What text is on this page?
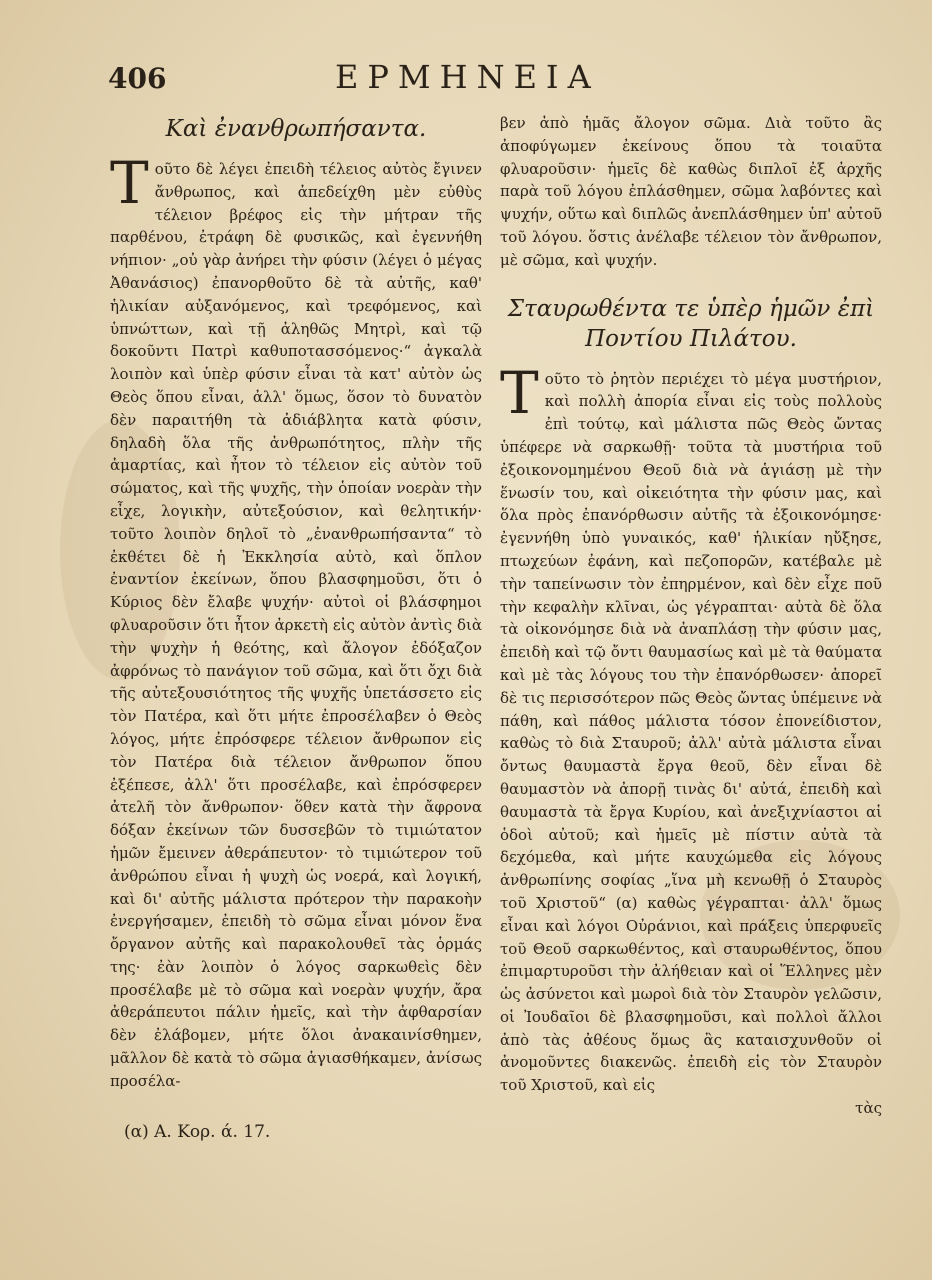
406	ΕΡΜΗΝΕΙΑ
Καὶ ἐνανθρωπήσαντα.

Τοῦτο δὲ λέγει ἐπειδὴ τέλειος αὐτὸς ἔγινεν ἄνθρωπος, καὶ ἀπεδείχθη μὲν εὐθὺς τέλειον βρέφος εἰς τὴν μήτραν τῆς παρθένου, ἐτράφη δὲ φυσικῶς, καὶ ἐγεννήθη νήπιον· „οὐ γὰρ ἀνήρει τὴν φύσιν (λέγει ὁ μέγας Ἀθανάσιος) ἐπανορθοῦτο δὲ τὰ αὐτῆς, καθ' ἡλικίαν αὐξανόμενος, καὶ τρεφόμενος, καὶ ὑπνώττων, καὶ τῇ ἀληθῶς Μητρὶ, καὶ τῷ δοκοῦντι Πατρὶ καθυποτασσόμενος·“ ἀγκαλὰ λοιπὸν καὶ ὑπὲρ φύσιν εἶναι τὰ κατ' αὐτὸν ὡς Θεὸς ὅπου εἶναι, ἀλλ' ὅμως, ὅσον τὸ δυνατὸν δὲν παραιτήθη τὰ ἀδιάβλητα κατὰ φύσιν, δηλαδὴ ὅλα τῆς ἀνθρωπότητος, πλὴν τῆς ἁμαρτίας, καὶ ἦτον τὸ τέλειον εἰς αὐτὸν τοῦ σώματος, καὶ τῆς ψυχῆς, τὴν ὁποίαν νοερὰν τὴν εἶχε, λογικὴν, αὐτεξούσιον, καὶ θελητικήν· τοῦτο λοιπὸν δηλοῖ τὸ „ἐνανθρωπήσαντα“ τὸ ἐκθέτει δὲ ἡ Ἐκκλησία αὐτὸ, καὶ ὅπλον ἐναντίον ἐκείνων, ὅπου βλασφημοῦσι, ὅτι ὁ Κύριος δὲν ἔλαβε ψυχήν· αὐτοὶ οἱ βλάσφημοι φλυαροῦσιν ὅτι ἦτον ἀρκετὴ εἰς αὐτὸν ἀντὶς διὰ τὴν ψυχὴν ἡ θεότης, καὶ ἄλογον ἐδόξαζον ἀφρόνως τὸ πανάγιον τοῦ σῶμα, καὶ ὅτι ὄχι διὰ τῆς αὐτεξουσιότητος τῆς ψυχῆς ὑπετάσσετο εἰς τὸν Πατέρα, καὶ ὅτι μήτε ἐπροσέλαβεν ὁ Θεὸς λόγος, μήτε ἐπρόσφερε τέλειον ἄνθρωπον εἰς τὸν Πατέρα διὰ τέλειον ἄνθρωπον ὅπου ἐξέπεσε, ἀλλ' ὅτι προσέλαβε, καὶ ἐπρόσφερεν ἀτελῆ τὸν ἄνθρωπον· ὅθεν κατὰ τὴν ἄφρονα δόξαν ἐκείνων τῶν δυσσεβῶν τὸ τιμιώτατον ἡμῶν ἔμεινεν ἀθεράπευτον· τὸ τιμιώτερον τοῦ ἀνθρώπου εἶναι ἡ ψυχὴ ὡς νοερά, καὶ λογική, καὶ δι' αὐτῆς μάλιστα πρότερον τὴν παρακοὴν ἐνεργήσαμεν, ἐπειδὴ τὸ σῶμα εἶναι μόνον ἕνα ὄργανον αὐτῆς καὶ παρακολουθεῖ τὰς ὁρμάς της· ἐὰν λοιπὸν ὁ λόγος σαρκωθεὶς δὲν προσέλαβε μὲ τὸ σῶμα καὶ νοερὰν ψυχήν, ἄρα ἀθεράπευτοι πάλιν ἡμεῖς, καὶ τὴν ἀφθαρσίαν δὲν ἐλάβομεν, μήτε ὅλοι ἀνακαινίσθημεν, μᾶλλον δὲ κατὰ τὸ σῶμα ἁγιασθήκαμεν, ἀνίσως προσέλα-

βεν ἀπὸ ἡμᾶς ἄλογον σῶμα. Διὰ τοῦτο ἂς ἀποφύγωμεν ἐκείνους ὅπου τὰ τοιαῦτα φλυαροῦσιν· ἡμεῖς δὲ καθὼς διπλοῖ ἐξ ἀρχῆς παρὰ τοῦ λόγου ἐπλάσθημεν, σῶμα λαβόντες καὶ ψυχήν, οὕτω καὶ διπλῶς ἀνεπλάσθημεν ὑπ' αὐτοῦ τοῦ λόγου. ὅστις ἀνέλαβε τέλειον τὸν ἄνθρωπον, μὲ σῶμα, καὶ ψυχήν.

Σταυρωθέντα τε ὑπὲρ ἡμῶν ἐπὶ Ποντίου Πιλάτου.

Τοῦτο τὸ ῥητὸν περιέχει τὸ μέγα μυστήριον, καὶ πολλὴ ἀπορία εἶναι εἰς τοὺς πολλοὺς ἐπὶ τούτῳ, καὶ μάλιστα πῶς Θεὸς ὤντας ὑπέφερε νὰ σαρκωθῇ· τοῦτα τὰ μυστήρια τοῦ ἐξοικονομημένου Θεοῦ διὰ νὰ ἁγιάσῃ μὲ τὴν ἕνωσίν του, καὶ οἰκειότητα τὴν φύσιν μας, καὶ ὅλα πρὸς ἐπανόρθωσιν αὐτῆς τὰ ἐξοικονόμησε· ἐγεννήθη ὑπὸ γυναικός, καθ' ἡλικίαν ηὔξησε, πτωχεύων ἐφάνη, καὶ πεζοπορῶν, κατέβαλε μὲ τὴν ταπείνωσιν τὸν ἐπηρμένον, καὶ δὲν εἶχε ποῦ τὴν κεφαλὴν κλῖναι, ὡς γέγραπται· αὐτὰ δὲ ὅλα τὰ οἰκονόμησε διὰ νὰ ἀναπλάσῃ τὴν φύσιν μας, ἐπειδὴ καὶ τῷ ὄντι θαυμασίως καὶ μὲ τὰ θαύματα καὶ μὲ τὰς λόγους του τὴν ἐπανόρθωσεν· ἀπορεῖ δὲ τις περισσότερον πῶς Θεὸς ὤντας ὑπέμεινε νὰ πάθη, καὶ πάθος μάλιστα τόσον ἐπονείδιστον, καθὼς τὸ διὰ Σταυροῦ; ἀλλ' αὐτὰ μάλιστα εἶναι ὄντως θαυμαστὰ ἔργα θεοῦ, δὲν εἶναι δὲ θαυμαστὸν νὰ ἀπορῇ τινὰς δι' αὐτά, ἐπειδὴ καὶ θαυμαστὰ τὰ ἔργα Κυρίου, καὶ ἀνεξιχνίαστοι αἱ ὁδοὶ αὐτοῦ; καὶ ἡμεῖς μὲ πίστιν αὐτὰ τὰ δεχόμεθα, καὶ μήτε καυχώμεθα εἰς λόγους ἀνθρωπίνης σοφίας „ἵνα μὴ κενωθῇ ὁ Σταυρὸς τοῦ Χριστοῦ“ (α) καθὼς γέγραπται· ἀλλ' ὅμως εἶναι καὶ λόγοι Οὐράνιοι, καὶ πράξεις ὑπερφυεῖς τοῦ Θεοῦ σαρκωθέντος, καὶ σταυρωθέντος, ὅπου ἐπιμαρτυροῦσι τὴν ἀλήθειαν καὶ οἱ Ἕλληνες μὲν ὡς ἀσύνετοι καὶ μωροὶ διὰ τὸν Σταυρὸν γελῶσιν, οἱ Ἰουδαῖοι δὲ βλασφημοῦσι, καὶ πολλοὶ ἄλλοι ἀπὸ τὰς ἀθέους ὅμως ἂς καταισχυνθοῦν οἱ ἀνομοῦντες διακενῶς. ἐπειδὴ εἰς τὸν Σταυρὸν τοῦ Χριστοῦ, καὶ εἰς

τὰς
(α) Α. Κορ. ά. 17.
